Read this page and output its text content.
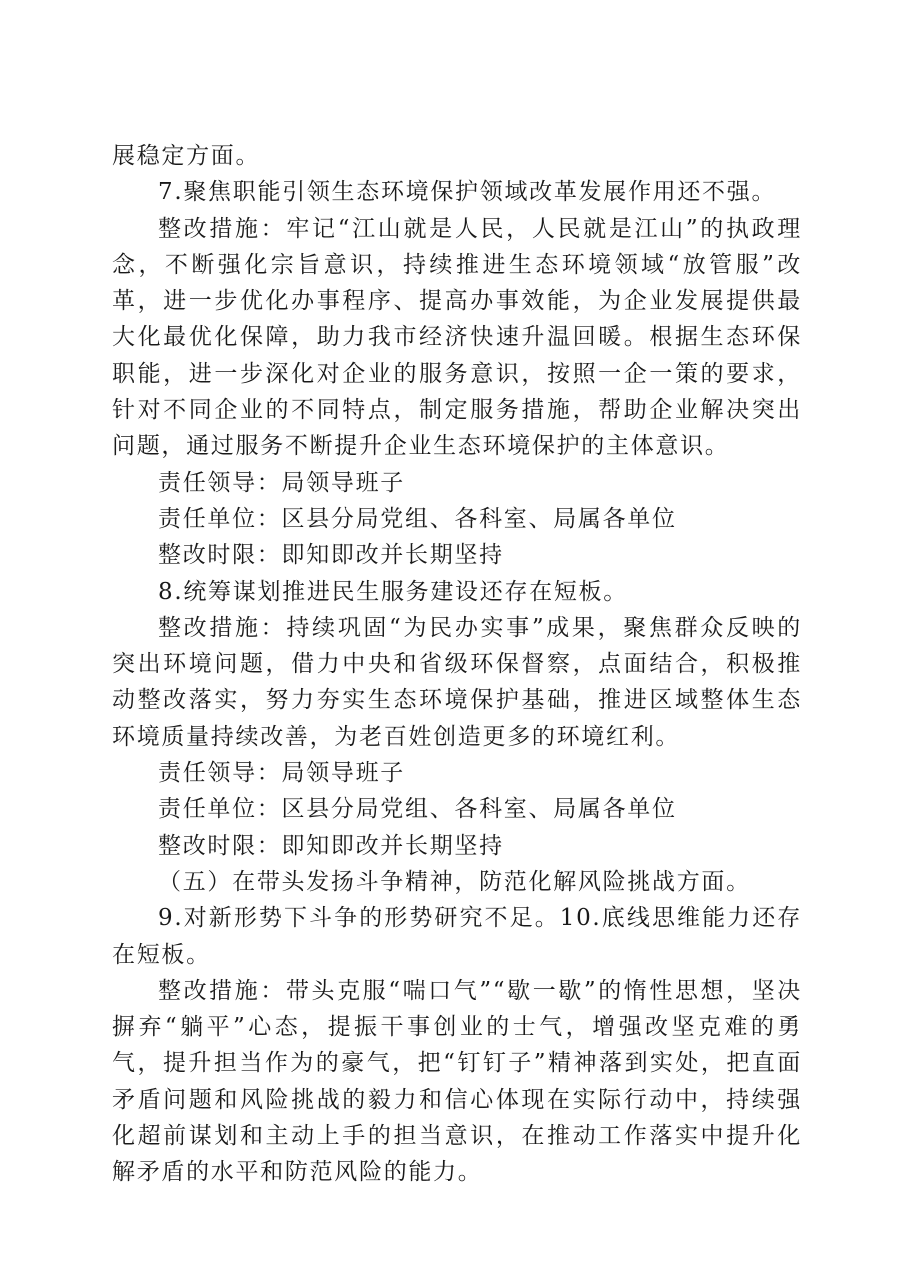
展稳定方面。

7.聚焦职能引领生态环境保护领域改革发展作用还不强。

整改措施：牢记“江山就是人民，人民就是江山”的执政理念，不断强化宗旨意识，持续推进生态环境领域“放管服”改革，进一步优化办事程序、提高办事效能，为企业发展提供最大化最优化保障，助力我市经济快速升温回暖。根据生态环保职能，进一步深化对企业的服务意识，按照一企一策的要求，针对不同企业的不同特点，制定服务措施，帮助企业解决突出问题，通过服务不断提升企业生态环境保护的主体意识。

责任领导：局领导班子

责任单位：区县分局党组、各科室、局属各单位

整改时限：即知即改并长期坚持

8.统筹谋划推进民生服务建设还存在短板。

整改措施：持续巩固“为民办实事”成果，聚焦群众反映的突出环境问题，借力中央和省级环保督察，点面结合，积极推动整改落实，努力夯实生态环境保护基础，推进区域整体生态环境质量持续改善，为老百姓创造更多的环境红利。

责任领导：局领导班子

责任单位：区县分局党组、各科室、局属各单位

整改时限：即知即改并长期坚持

（五）在带头发扬斗争精神，防范化解风险挑战方面。

9.对新形势下斗争的形势研究不足。10.底线思维能力还存在短板。

整改措施：带头克服“喘口气”“歇一歇”的惰性思想，坚决摒弃“躺平”心态，提振干事创业的士气，增强改坚克难的勇气，提升担当作为的豪气，把“钉钉子”精神落到实处，把直面矛盾问题和风险挑战的毅力和信心体现在实际行动中，持续强化超前谋划和主动上手的担当意识，在推动工作落实中提升化解矛盾的水平和防范风险的能力。
